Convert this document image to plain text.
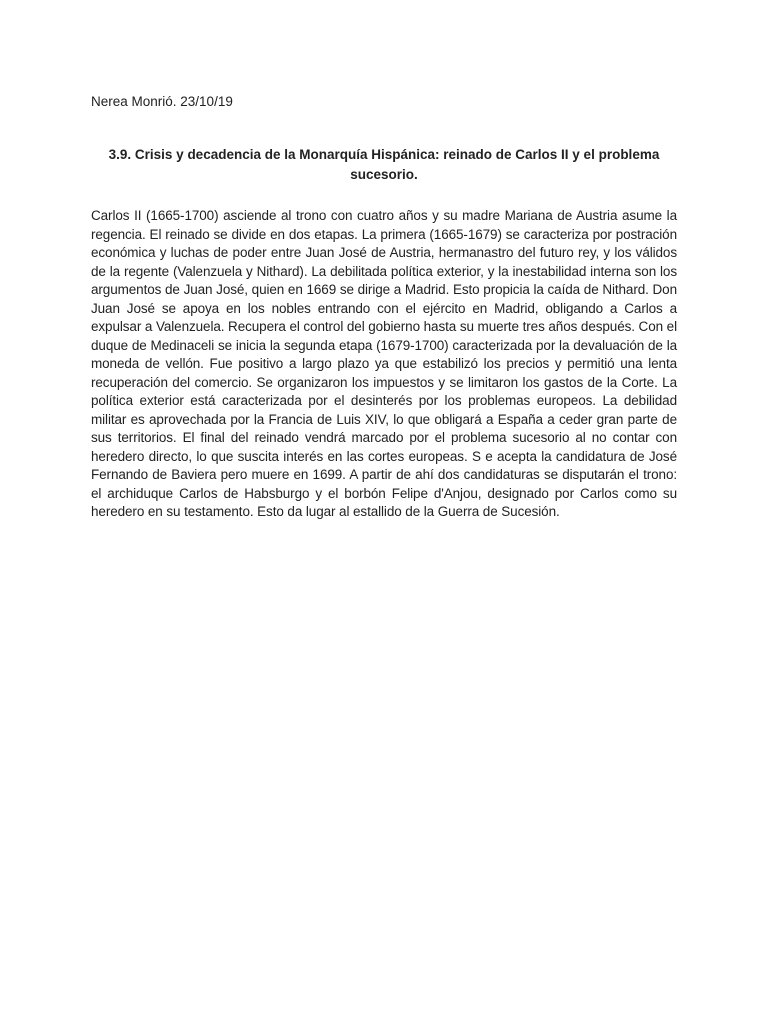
Nerea Monrió. 23/10/19
3.9. Crisis y decadencia de la Monarquía Hispánica: reinado de Carlos II y el problema sucesorio.

Carlos II (1665-1700) asciende al trono con cuatro años y su madre Mariana de Austria asume la regencia. El reinado se divide en dos etapas. La primera (1665-1679) se caracteriza por postración económica y luchas de poder entre Juan José de Austria, hermanastro del futuro rey, y los válidos de la regente (Valenzuela y Nithard). La debilitada política exterior, y la inestabilidad interna son los argumentos de Juan José, quien en 1669 se dirige a Madrid. Esto propicia la caída de Nithard. Don Juan José se apoya en los nobles entrando con el ejército en Madrid, obligando a Carlos a expulsar a Valenzuela. Recupera el control del gobierno hasta su muerte tres años después. Con el duque de Medinaceli se inicia la segunda etapa (1679-1700) caracterizada por la devaluación de la moneda de vellón. Fue positivo a largo plazo ya que estabilizó los precios y permitió una lenta recuperación del comercio. Se organizaron los impuestos y se limitaron los gastos de la Corte. La política exterior está caracterizada por el desinterés por los problemas europeos. La debilidad militar es aprovechada por la Francia de Luis XIV, lo que obligará a España a ceder gran parte de sus territorios. El final del reinado vendrá marcado por el problema sucesorio al no contar con heredero directo, lo que suscita interés en las cortes europeas. S e acepta la candidatura de José Fernando de Baviera pero muere en 1699. A partir de ahí dos candidaturas se disputarán el trono: el archiduque Carlos de Habsburgo y el borbón Felipe d'Anjou, designado por Carlos como su heredero en su testamento. Esto da lugar al estallido de la Guerra de Sucesión.
